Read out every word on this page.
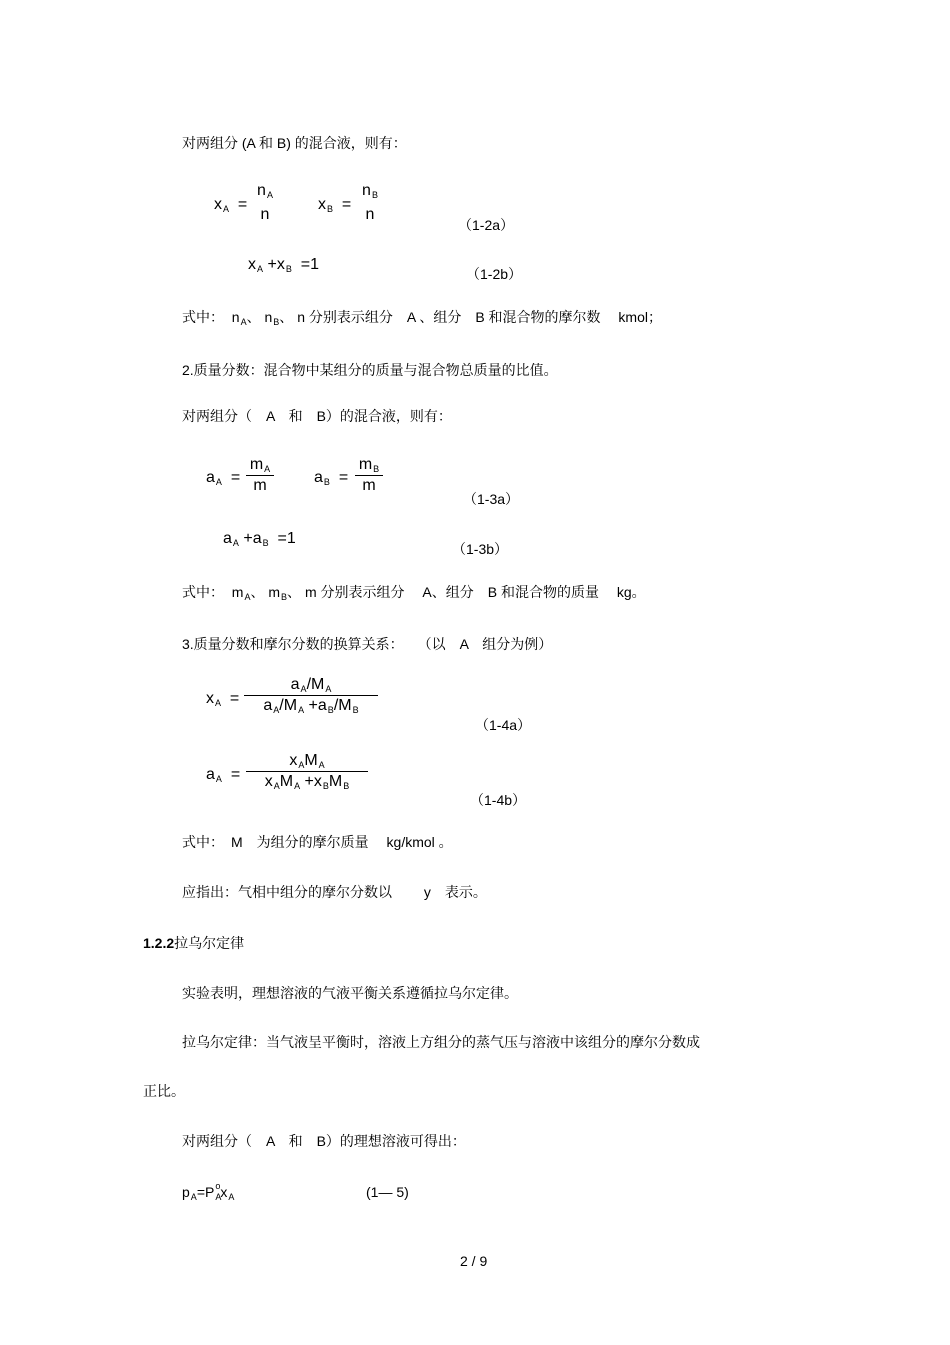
对两组分 (A 和 B) 的混合液，则有：
xA  =
nA
n
xB  =
nB
n
（1-2a）
xA +xB =1
（1-2b）
式中： $n_A$、 $n_B$、 n 分别表示组分　A 、组分　B 和混合物的摩尔数　 kmol；
2.质量分数：混合物中某组分的质量与混合物总质量的比值。
对两组分（　A　和　B）的混合液，则有：
aA  =
mA
m	aB  =
mB
m
（1-3a）
aA +aB =1
（1-3b）
式中： $m_A$、 $m_B$、 m 分别表示组分　 A、组分　B 和混合物的质量　 kg。
3.质量分数和摩尔分数的换算关系：　　（以　A　组分为例）
xA  =
aA/MA
aA/MA +aB/MB
（1-4a）
aA  =
xAMA
xAMA +xBMB
（1-4b）
式中：　M　为组分的摩尔质量　 kg/kmol 。
应指出：气相中组分的摩尔分数以　　 y　表示。
1.2.2拉乌尔定律
实验表明，理想溶液的气液平衡关系遵循拉乌尔定律。
拉乌尔定律：当气液呈平衡时，溶液上方组分的蒸气压与溶液中该组分的摩尔分数成
正比。
对两组分（　A　和　B）的理想溶液可得出：
$p_A=P_A^ox_A$	(1— 5)
2 / 9
